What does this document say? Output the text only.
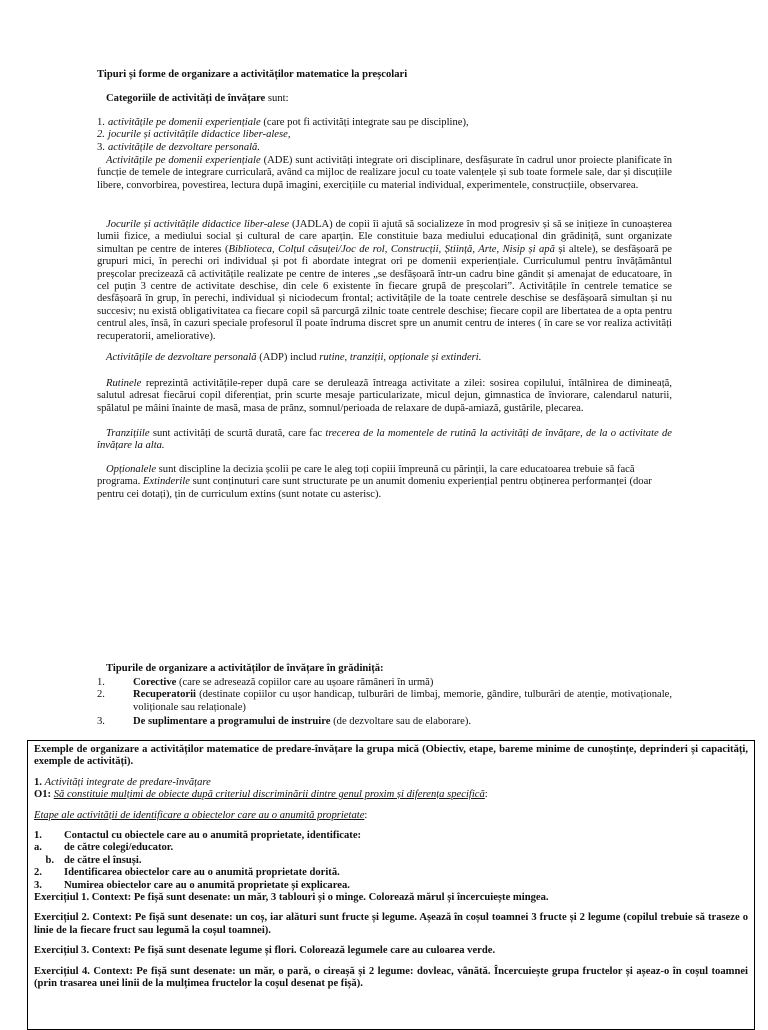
Tipuri și forme de organizare a activităților matematice la preșcolari
Categoriile de activități de învățare sunt:
1. activitățile pe domenii experiențiale (care pot fi activități integrate sau pe discipline),
2. jocurile și activitățile didactice liber-alese,
3. activitățile de dezvoltare personală.
Activitățile pe domenii experiențiale (ADE) sunt activități integrate ori disciplinare, desfășurate în cadrul unor proiecte planificate în funcție de temele de integrare curriculară, având ca mijloc de realizare jocul cu toate valențele și sub toate formele sale, dar și discuțiile libere, convorbirea, povestirea, lectura după imagini, exercițiile cu material individual, experimentele, construcțiile, observarea.
Jocurile și activitățile didactice liber-alese (JADLA) de copii îi ajută să socializeze în mod progresiv și să se inițieze în cunoașterea lumii fizice, a mediului social și cultural de care aparțin. Ele constituie baza mediului educațional din grădiniță, sunt organizate simultan pe centre de interes (Biblioteca, Colțul căsuței/Joc de rol, Construcții, Știință, Arte, Nisip și apă și altele), se desfășoară pe grupuri mici, în perechi ori individual și pot fi abordate integrat ori pe domenii experiențiale. Curriculumul pentru învățământul preșcolar precizează că activitățile realizate pe centre de interes „se desfășoară într-un cadru bine gândit și amenajat de educatoare, în cel puțin 3 centre de activitate deschise, din cele 6 existente în fiecare grupă de preșcolari”. Activitățile în centrele tematice se desfășoară în grup, în perechi, individual și niciodecum frontal; activitățile de la toate centrele deschise se desfășoară simultan și nu succesiv; nu există obligativitatea ca fiecare copil să parcurgă zilnic toate centrele deschise; fiecare copil are libertatea de a opta pentru centrul ales, însă, în cazuri speciale profesorul îl poate îndruma discret spre un anumit centru de interes ( în care se vor realiza activități recuperatorii, ameliorative).
Activitățile de dezvoltare personală (ADP) includ rutine, tranziții, opționale și extinderi.
Rutinele reprezintă activitățile-reper după care se derulează întreaga activitate a zilei: sosirea copilului, întâlnirea de dimineață, salutul adresat fiecărui copil diferențiat, prin scurte mesaje particularizate, micul dejun, gimnastica de înviorare, calendarul naturii, spălatul pe mâini înainte de masă, masa de prânz, somnul/perioada de relaxare de după-amiază, gustările, plecarea.
Tranzițiile sunt activități de scurtă durată, care fac trecerea de la momentele de rutină la activități de învățare, de la o activitate de învățare la alta.
Opționalele sunt discipline la decizia școlii pe care le aleg toți copiii împreună cu părinții, la care educatoarea trebuie să facă programa. Extinderile sunt conținuturi care sunt structurate pe un anumit domeniu experiențial pentru obținerea performanței (doar pentru cei dotați), țin de curriculum extins (sunt notate cu asterisc).
Tipurile de organizare a activităților de învățare în grădiniță:
1.	Corective (care se adresează copiilor care au ușoare rămâneri în urmă)
2.	Recuperatorii (destinate copiilor cu ușor handicap, tulburări de limbaj, memorie, gândire, tulburări de atenție, motivaționale, voliționale sau relaționale)
3.	De suplimentare a programului de instruire (de dezvoltare sau de elaborare).

Exemple de organizare a activităților matematice de predare-învățare la grupa mică (Obiectiv, etape, bareme minime de cunoștințe, deprinderi și capacități, exemple de activități).

1. Activități integrate de predare-învățare

O1: Să constituie mulțimi de obiecte după criteriul discriminării dintre genul proxim și diferența specifică:

Etape ale activității de identificare a obiectelor care au o anumită proprietate:

1.	Contactul cu obiectele care au o anumită proprietate, identificate:
a.	de către colegi/educator.
b. de către el însuși.
2.	Identificarea obiectelor care au o anumită proprietate dorită.
3.	Numirea obiectelor care au o anumită proprietate și explicarea.

Exercițiul 1. Context: Pe fișă sunt desenate: un măr, 3 tablouri și o minge. Colorează mărul și încercuiește mingea.

Exercițiul 2. Context: Pe fișă sunt desenate: un coș, iar alături sunt fructe și legume. Așează în coșul toamnei 3 fructe și 2 legume (copilul trebuie să traseze o linie de la fiecare fruct sau legumă la coșul toamnei).

Exercițiul 3. Context: Pe fișă sunt desenate legume și flori. Colorează legumele care au culoarea verde.

Exercițiul 4. Context: Pe fișă sunt desenate: un măr, o pară, o cireașă și 2 legume: dovleac, vânătă. Încercuiește grupa fructelor și așeaz-o în coșul toamnei (prin trasarea unei linii de la mulțimea fructelor la coșul desenat pe fișă).
